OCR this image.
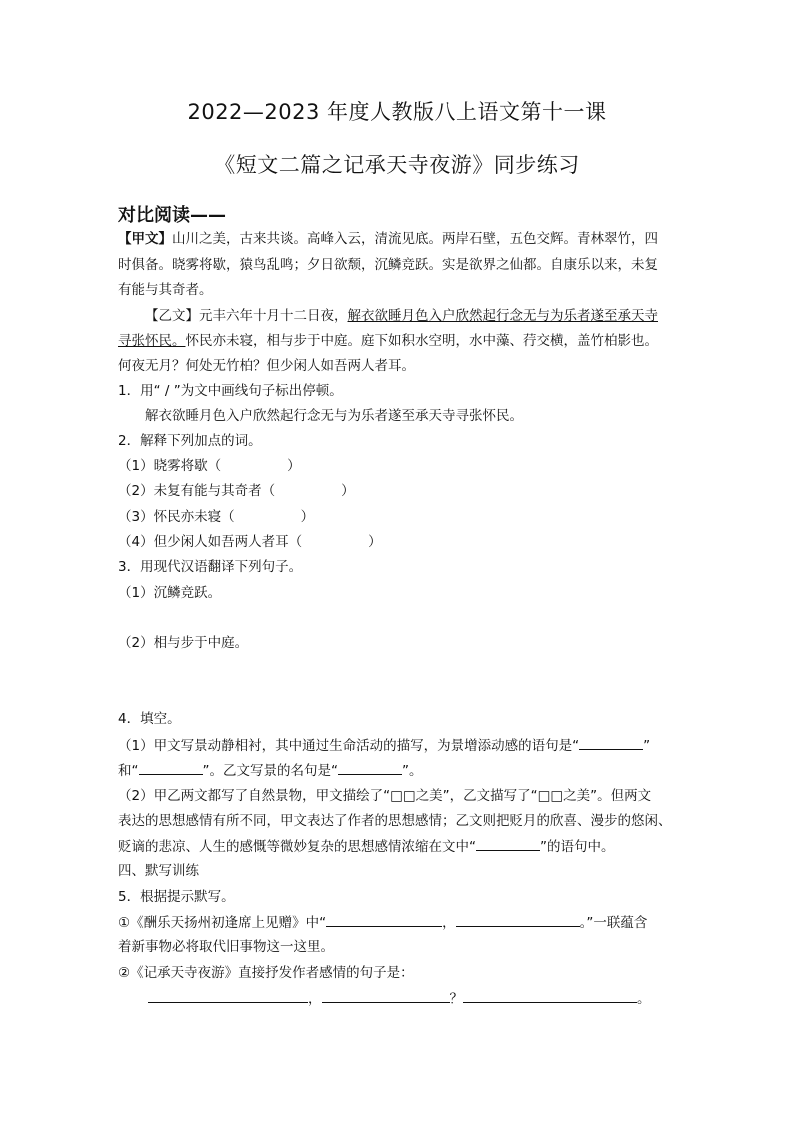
2022—2023 年度人教版八上语文第十一课
《短文二篇之记承天寺夜游》同步练习
对比阅读——
【甲文】山川之美，古来共谈。高峰入云，清流见底。两岸石壁，五色交辉。青林翠竹，四
时俱备。晓雾将歇，猿鸟乱鸣；夕日欲颓，沉鳞竞跃。实是欲界之仙都。自康乐以来，未复
有能与其奇者。
【乙文】元丰六年十月十二日夜，解衣欲睡月色入户欣然起行念无与为乐者遂至承天寺
寻张怀民。怀民亦未寝，相与步于中庭。庭下如积水空明，水中藻、荇交横，盖竹柏影也。
何夜无月？何处无竹柏？但少闲人如吾两人者耳。
1．用“ / ”为文中画线句子标出停顿。
解衣欲睡月色入户欣然起行念无与为乐者遂至承天寺寻张怀民。
2．解释下列加点的词。
（1）晓雾将歇（	）
（2）未复有能与其奇者（	）
（3）怀民亦未寝（	）
（4）但少闲人如吾两人者耳（	）
3．用现代汉语翻译下列句子。
（1）沉鳞竞跃。
（2）相与步于中庭。
4．填空。
（1）甲文写景动静相衬，其中通过生命活动的描写，为景增添动感的语句是“	”
和“	”。乙文写景的名句是“	”。
（2）甲乙两文都写了自然景物，甲文描绘了“□□之美”，乙文描写了“□□之美”。但两文
表达的思想感情有所不同，甲文表达了作者的思想感情；乙文则把贬月的欣喜、漫步的悠闲、
贬谪的悲凉、人生的感慨等微妙复杂的思想感情浓缩在文中“	”的语句中。
四、默写训练
5．根据提示默写。
①《酬乐天扬州初逢席上见赠》中“	，	。”一联蕴含
着新事物必将取代旧事物这一这里。
②《记承天寺夜游》直接抒发作者感情的句子是：
，	？	。
